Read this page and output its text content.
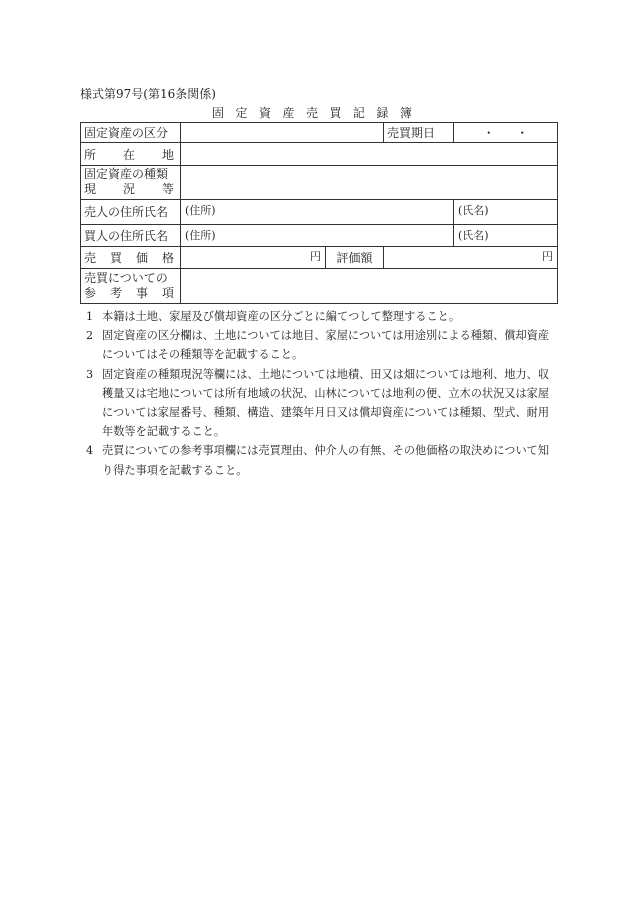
様式第97号(第16条関係)
固 定 資 産 売 買 記 録 簿
固定資産の区分			売買期日	・ ・

所 在 地				

固定資産の種類
現 況 等				

売人の住所氏名	(住所)			(氏名)
買人の住所氏名	(住所)			(氏名)

売 買 価 格	円	評価額	円	

売買についての
参 考 事 項				

1 本籍は土地、家屋及び償却資産の区分ごとに編てつして整理すること。
2 固定資産の区分欄は、土地については地目、家屋については用途別による種類、償却資産についてはその種類等を記載すること。
3 固定資産の種類現況等欄には、土地については地積、田又は畑については地利、地力、収穫量又は宅地については所有地域の状況、山林については地利の便、立木の状況又は家屋については家屋番号、種類、構造、建築年月日又は償却資産については種類、型式、耐用年数等を記載すること。
4 売買についての参考事項欄には売買理由、仲介人の有無、その他価格の取決めについて知り得た事項を記載すること。
